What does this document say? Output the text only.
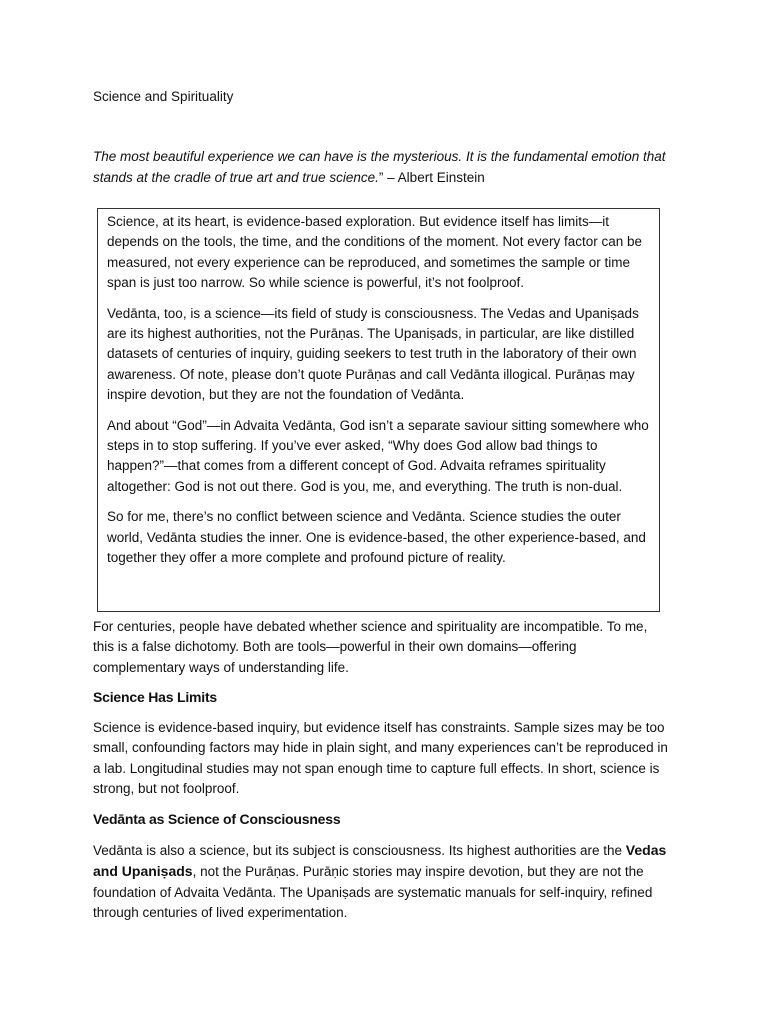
Science and Spirituality

The most beautiful experience we can have is the mysterious. It is the fundamental emotion that stands at the cradle of true art and true science.” – Albert Einstein

Science, at its heart, is evidence-based exploration. But evidence itself has limits—it depends on the tools, the time, and the conditions of the moment. Not every factor can be measured, not every experience can be reproduced, and sometimes the sample or time span is just too narrow. So while science is powerful, it’s not foolproof.

Vedānta, too, is a science—its field of study is consciousness. The Vedas and Upaniṣads are its highest authorities, not the Purāṇas. The Upaniṣads, in particular, are like distilled datasets of centuries of inquiry, guiding seekers to test truth in the laboratory of their own awareness. Of note, please don’t quote Purāṇas and call Vedānta illogical. Purāṇas may inspire devotion, but they are not the foundation of Vedānta.

And about “God”—in Advaita Vedānta, God isn’t a separate saviour sitting somewhere who steps in to stop suffering. If you’ve ever asked, “Why does God allow bad things to happen?”—that comes from a different concept of God. Advaita reframes spirituality altogether: God is not out there. God is you, me, and everything. The truth is non-dual.

So for me, there’s no conflict between science and Vedānta. Science studies the outer world, Vedānta studies the inner. One is evidence-based, the other experience-based, and together they offer a more complete and profound picture of reality.

For centuries, people have debated whether science and spirituality are incompatible. To me, this is a false dichotomy. Both are tools—powerful in their own domains—offering complementary ways of understanding life.

Science Has Limits

Science is evidence-based inquiry, but evidence itself has constraints. Sample sizes may be too small, confounding factors may hide in plain sight, and many experiences can’t be reproduced in a lab. Longitudinal studies may not span enough time to capture full effects. In short, science is strong, but not foolproof.

Vedānta as Science of Consciousness

Vedānta is also a science, but its subject is consciousness. Its highest authorities are the Vedas and Upaniṣads, not the Purāṇas. Purāṇic stories may inspire devotion, but they are not the foundation of Advaita Vedānta. The Upaniṣads are systematic manuals for self-inquiry, refined through centuries of lived experimentation.
